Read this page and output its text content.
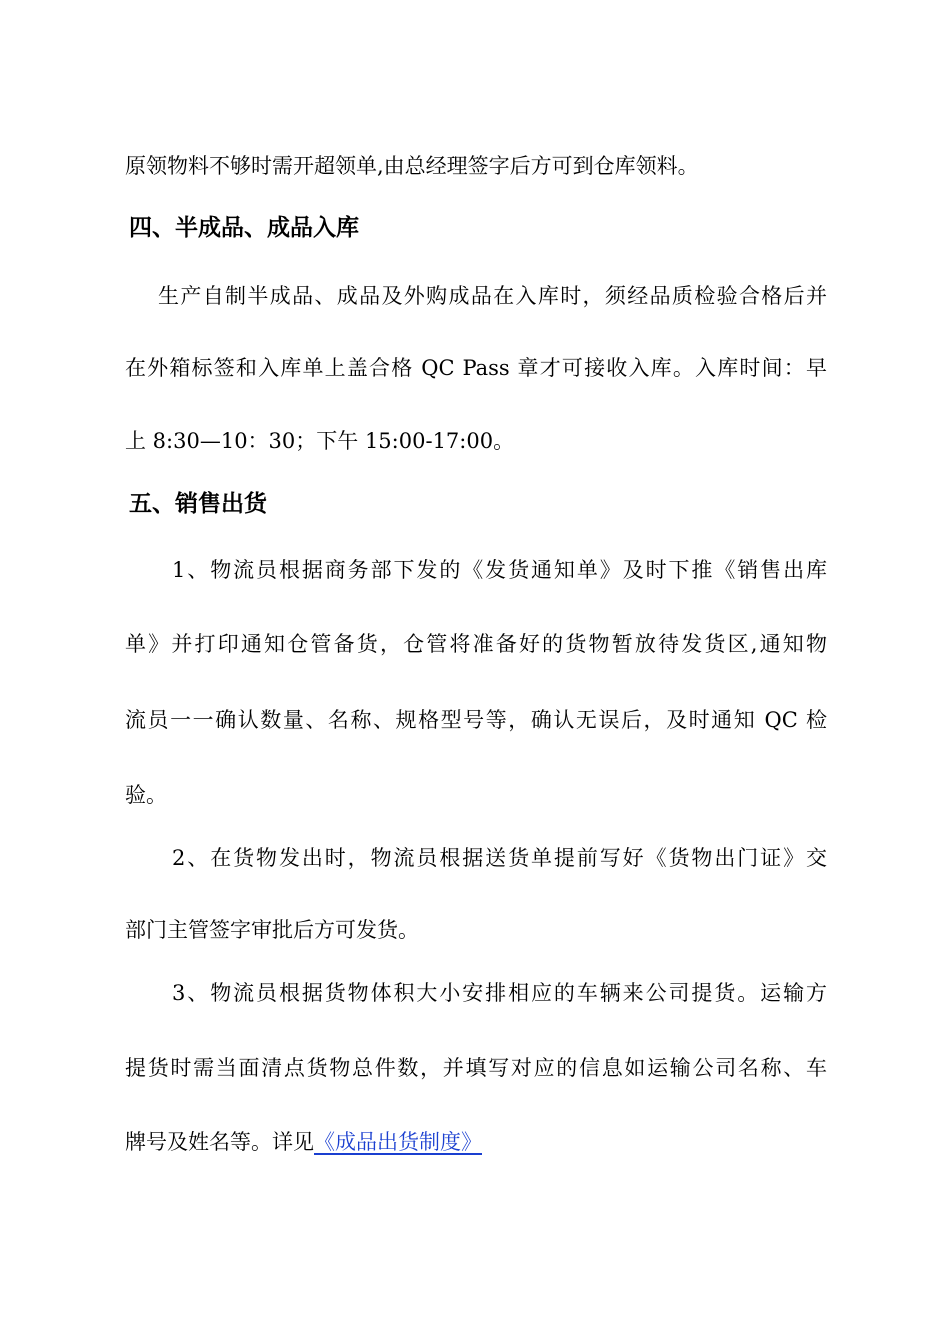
原领物料不够时需开超领单,由总经理签字后方可到仓库领料。
四、半成品、成品入库
生产自制半成品、成品及外购成品在入库时，须经品质检验合格后并
在外箱标签和入库单上盖合格 QC Pass 章才可接收入库。入库时间：早
上 8:30—10：30；下午 15:00-17:00。
五、销售出货
1、物流员根据商务部下发的《发货通知单》及时下推《销售出库
单》并打印通知仓管备货，仓管将准备好的货物暂放待发货区,通知物
流员一一确认数量、名称、规格型号等，确认无误后，及时通知 QC 检
验。
2、在货物发出时，物流员根据送货单提前写好《货物出门证》交
部门主管签字审批后方可发货。
3、物流员根据货物体积大小安排相应的车辆来公司提货。运输方
提货时需当面清点货物总件数，并填写对应的信息如运输公司名称、车
牌号及姓名等。详见《成品出货制度》
